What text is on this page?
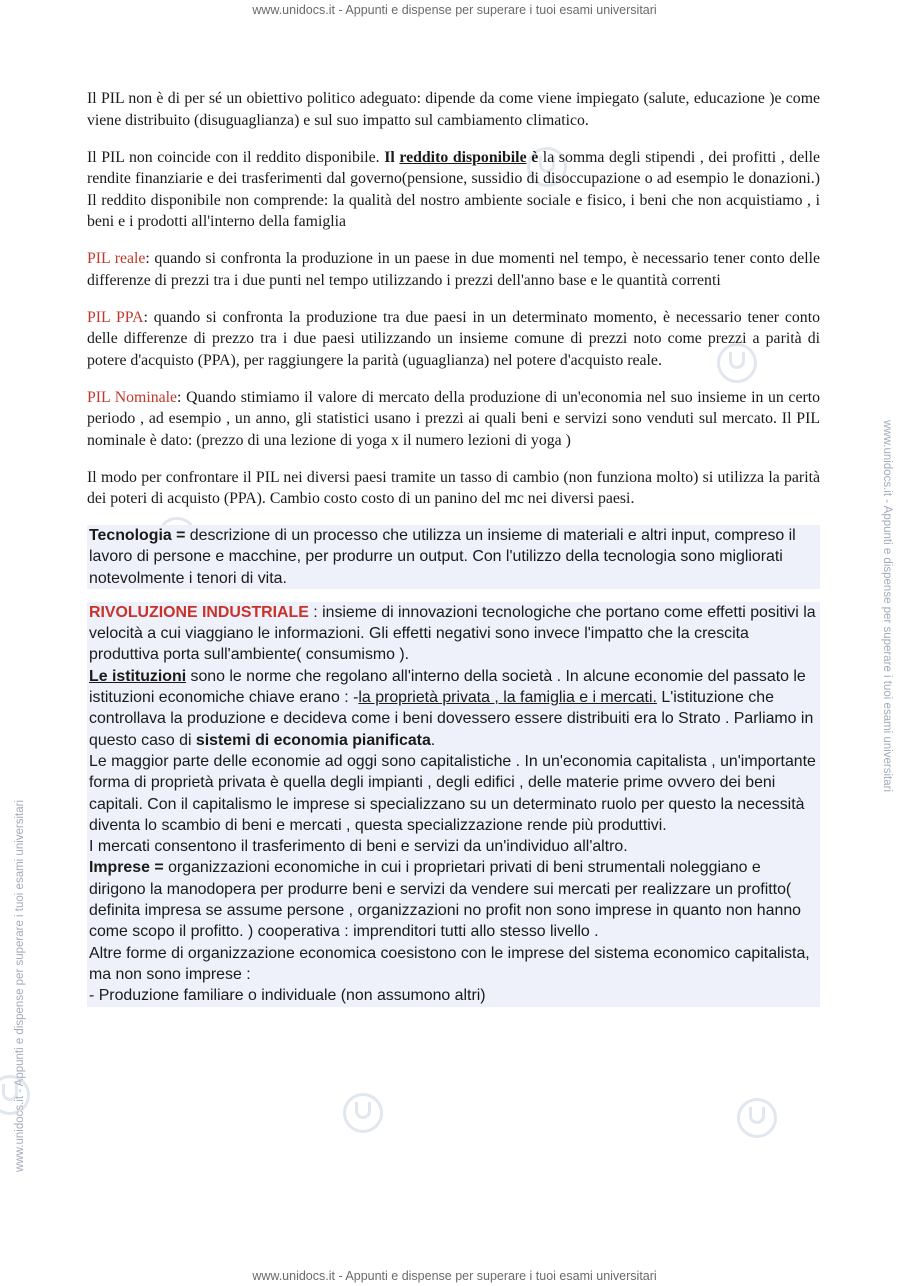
www.unidocs.it - Appunti e dispense per superare i tuoi esami universitari
www.unidocs.it - Appunti e dispense per superare i tuoi esami universitari
www.unidocs.it - Appunti e dispense per superare i tuoi esami universitari

Il PIL non è di per sé un obiettivo politico adeguato: dipende da come viene impiegato (salute, educazione )e come viene distribuito (disuguaglianza) e sul suo impatto sul cambiamento climatico.

Il PIL non coincide con il reddito disponibile. Il reddito disponibile è la somma degli stipendi , dei profitti , delle rendite finanziarie e dei trasferimenti dal governo(pensione, sussidio di disoccupazione o ad esempio le donazioni.) Il reddito disponibile non comprende: la qualità del nostro ambiente sociale e fisico, i beni che non acquistiamo , i beni e i prodotti all'interno della famiglia

PIL reale: quando si confronta la produzione in un paese in due momenti nel tempo, è necessario tener conto delle differenze di prezzi tra i due punti nel tempo utilizzando i prezzi dell'anno base e le quantità correnti

PIL PPA: quando si confronta la produzione tra due paesi in un determinato momento, è necessario tener conto delle differenze di prezzo tra i due paesi utilizzando un insieme comune di prezzi noto come prezzi a parità di potere d'acquisto (PPA), per raggiungere la parità (uguaglianza) nel potere d'acquisto reale.

PIL Nominale: Quando stimiamo il valore di mercato della produzione di un'economia nel suo insieme in un certo periodo , ad esempio , un anno, gli statistici usano i prezzi ai quali beni e servizi sono venduti sul mercato. Il PIL nominale è dato: (prezzo di una lezione di yoga x il numero lezioni di yoga )

Il modo per confrontare il PIL nei diversi paesi tramite un tasso di cambio (non funziona molto) si utilizza la parità dei poteri di acquisto (PPA). Cambio costo costo di un panino del mc nei diversi paesi.

Tecnologia = descrizione di un processo che utilizza un insieme di materiali e altri input, compreso il lavoro di persone e macchine, per produrre un output. Con l'utilizzo della tecnologia sono migliorati notevolmente i tenori di vita.
RIVOLUZIONE INDUSTRIALE : insieme di innovazioni tecnologiche che portano come effetti positivi la velocità a cui viaggiano le informazioni. Gli effetti negativi sono invece l'impatto che la crescita produttiva porta sull'ambiente( consumismo ).
Le istituzioni sono le norme che regolano all'interno della società . In alcune economie del passato le istituzioni economiche chiave erano : -la proprietà privata , la famiglia e i mercati. L'istituzione che controllava la produzione e decideva come i beni dovessero essere distribuiti era lo Strato . Parliamo in questo caso di sistemi di economia pianificata.
Le maggior parte delle economie ad oggi sono capitalistiche . In un'economia capitalista , un'importante forma di proprietà privata è quella degli impianti , degli edifici , delle materie prime ovvero dei beni capitali. Con il capitalismo le imprese si specializzano su un determinato ruolo per questo la necessità diventa lo scambio di beni e mercati , questa specializzazione rende più produttivi.
I mercati consentono il trasferimento di beni e servizi da un'individuo all'altro.
Imprese = organizzazioni economiche in cui i proprietari privati di beni strumentali noleggiano e dirigono la manodopera per produrre beni e servizi da vendere sui mercati per realizzare un profitto( definita impresa se assume persone , organizzazioni no profit non sono imprese in quanto non hanno come scopo il profitto. ) cooperativa : imprenditori tutti allo stesso livello .
Altre forme di organizzazione economica coesistono con le imprese del sistema economico capitalista, ma non sono imprese :
- Produzione familiare o individuale (non assumono altri)
www.unidocs.it - Appunti e dispense per superare i tuoi esami universitari
